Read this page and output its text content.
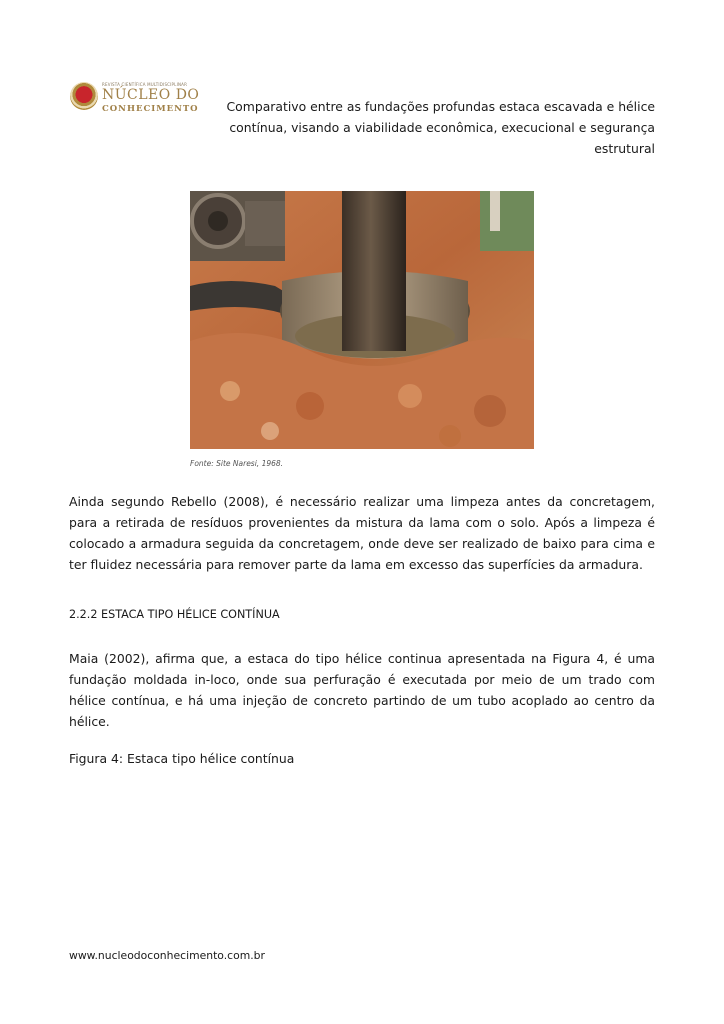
REVISTA CIENTÍFICA MULTIDISCIPLINAR
NÚCLEO DO
CONHECIMENTO	Comparativo entre as fundações profundas estaca escavada e hélice contínua, visando a viabilidade econômica, execucional e segurança estrutural
Fonte: Site Naresi, 1968.

Ainda segundo Rebello (2008), é necessário realizar uma limpeza antes da concretagem, para a retirada de resíduos provenientes da mistura da lama com o solo. Após a limpeza é colocado a armadura seguida da concretagem, onde deve ser realizado de baixo para cima e ter fluidez necessária para remover parte da lama em excesso das superfícies da armadura.

2.2.2 ESTACA TIPO HÉLICE CONTÍNUA

Maia (2002), afirma que, a estaca do tipo hélice continua apresentada na Figura 4, é uma fundação moldada in-loco, onde sua perfuração é executada por meio de um trado com hélice contínua, e há uma injeção de concreto partindo de um tubo acoplado ao centro da hélice.

Figura 4: Estaca tipo hélice contínua
www.nucleodoconhecimento.com.br
